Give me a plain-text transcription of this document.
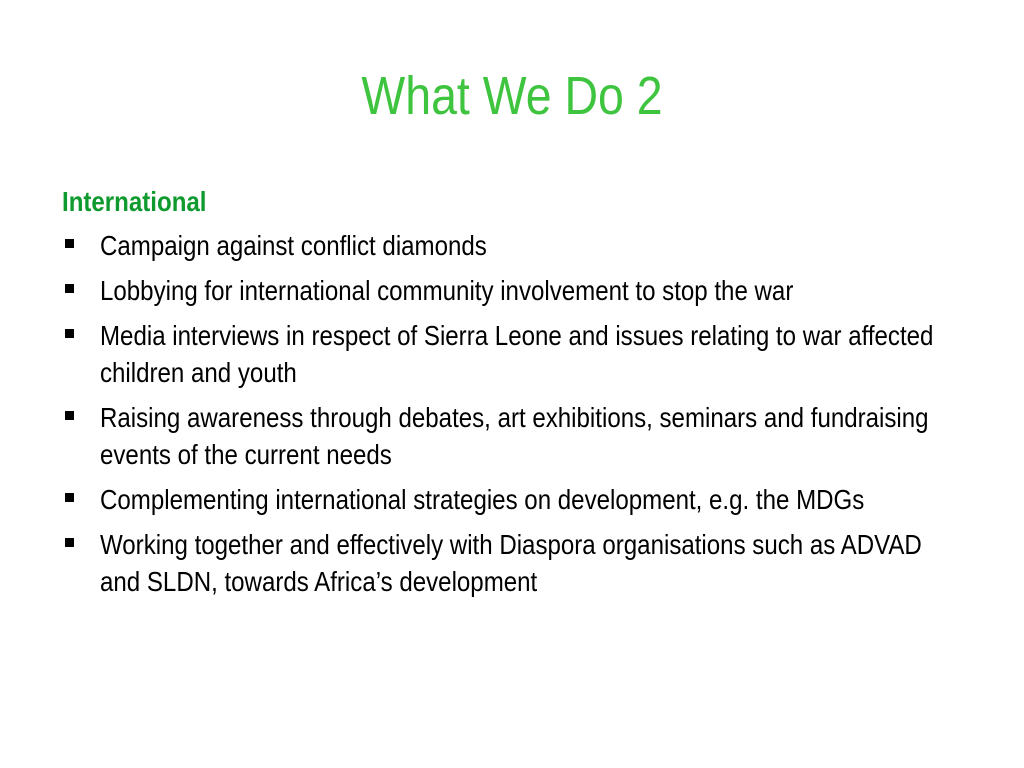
What We Do 2
International
Campaign against conflict diamonds
Lobbying for international community involvement to stop the war
Media interviews in respect of Sierra Leone and issues relating to war affected children and youth
Raising awareness through debates, art exhibitions, seminars and fundraising events of the current needs
Complementing international strategies on development, e.g. the MDGs
Working together and effectively with Diaspora organisations such as ADVAD and SLDN, towards Africa’s development
